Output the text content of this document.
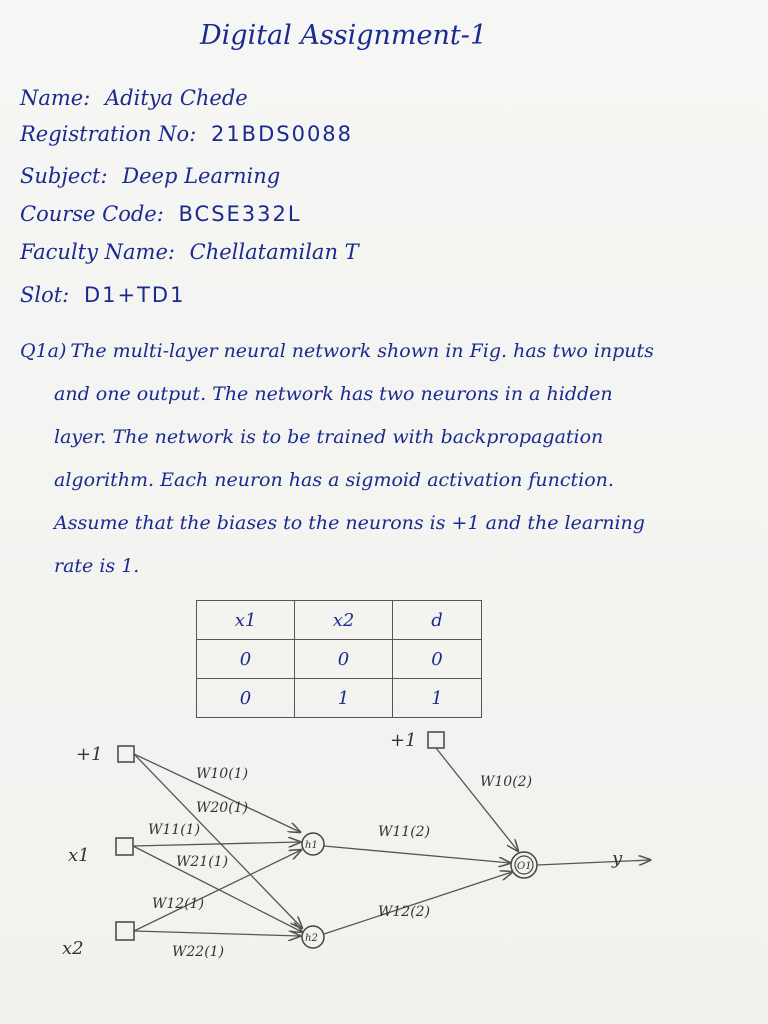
Digital Assignment-1
Name: Aditya Chede
Registration No: 21BDS0088
Subject: Deep Learning
Course Code: BCSE332L
Faculty Name: Chellatamilan T
Slot: D1+TD1
Q1a) The multi-layer neural network shown in Fig. has two inputs
and one output. The network has two neurons in a hidden
layer. The network is to be trained with backpropagation
algorithm. Each neuron has a sigmoid activation function.
Assume that the biases to the neurons is +1 and the learning
rate is 1.
x1	x2	d
0	0	0
0	1	1
+1
x1
x2
+1
h1
h2
O1	y
W10(1)
W20(1)
W11(1)
W21(1)
W12(1)
W22(1)
W10(2)
W11(2)
W12(2)
